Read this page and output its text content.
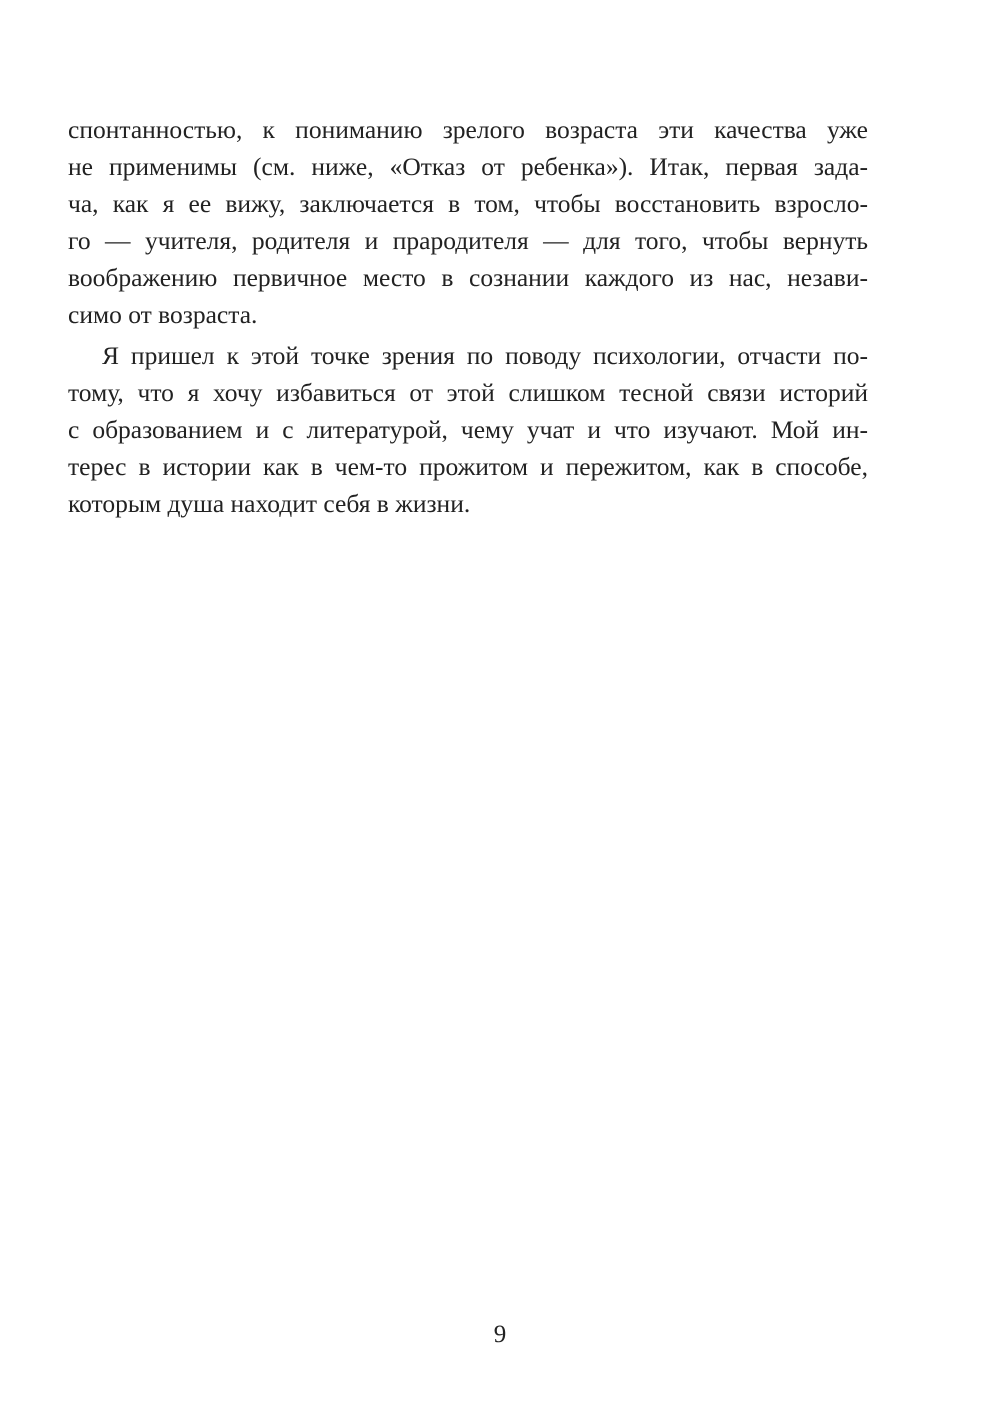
спонтанностью, к пониманию зрелого возраста эти качества уже
не применимы (см. ниже, «Отказ от ребенка»). Итак, первая зада-
ча, как я ее вижу, заключается в том, чтобы восстановить взросло-
го — учителя, родителя и прародителя — для того, чтобы вернуть
воображению первичное место в сознании каждого из нас, незави-
симо от возраста.
Я пришел к этой точке зрения по поводу психологии, отчасти по-
тому, что я хочу избавиться от этой слишком тесной связи историй
с образованием и с литературой, чему учат и что изучают. Мой ин-
терес в истории как в чем-то прожитом и пережитом, как в способе,
которым душа находит себя в жизни.
9
